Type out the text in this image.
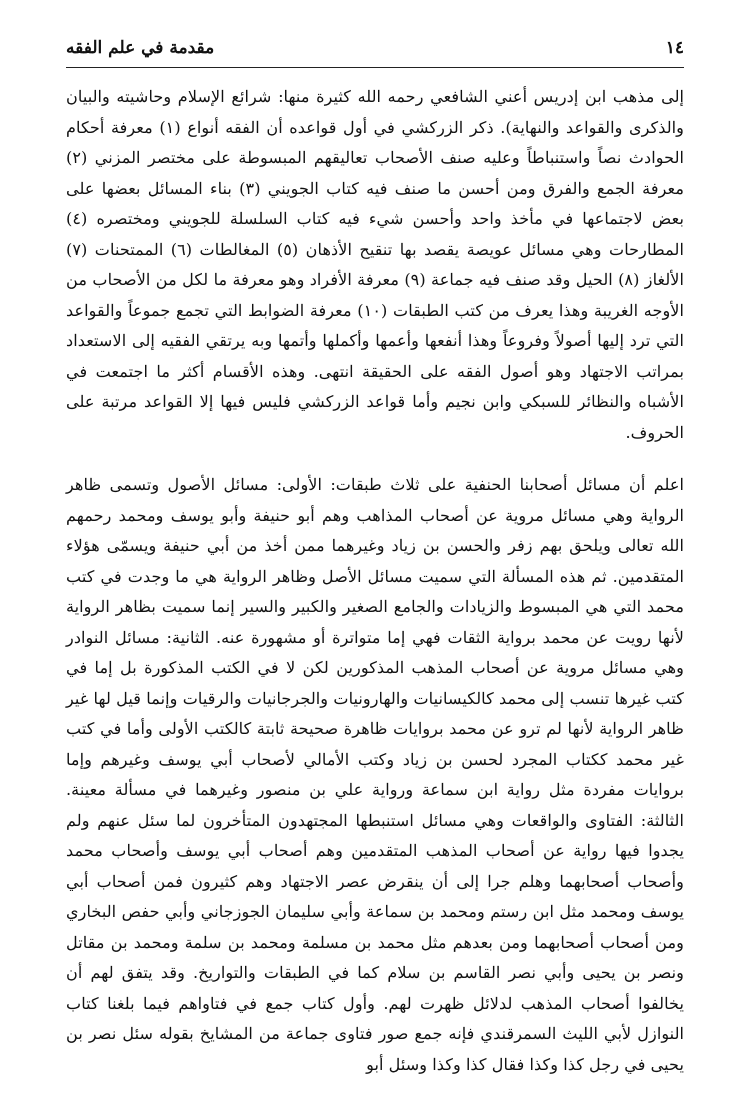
١٤
مقدمة في علم الفقه

إلى مذهب ابن إدريس أعني الشافعي رحمه الله كثيرة منها: شرائع الإسلام وحاشيته والبيان والذكرى والقواعد والنهاية). ذكر الزركشي في أول قواعده أن الفقه أنواع (١) معرفة أحكام الحوادث نصاً واستنباطاً وعليه صنف الأصحاب تعاليقهم المبسوطة على مختصر المزني (٢) معرفة الجمع والفرق ومن أحسن ما صنف فيه كتاب الجويني (٣) بناء المسائل بعضها على بعض لاجتماعها في مأخذ واحد وأحسن شيء فيه كتاب السلسلة للجويني ومختصره (٤) المطارحات وهي مسائل عويصة يقصد بها تنقيح الأذهان (٥) المغالطات (٦) الممتحنات (٧) الألغاز (٨) الحيل وقد صنف فيه جماعة (٩) معرفة الأفراد وهو معرفة ما لكل من الأصحاب من الأوجه الغريبة وهذا يعرف من كتب الطبقات (١٠) معرفة الضوابط التي تجمع جموعاً والقواعد التي ترد إليها أصولاً وفروعاً وهذا أنفعها وأعمها وأكملها وأتمها وبه يرتقي الفقيه إلى الاستعداد بمراتب الاجتهاد وهو أصول الفقه على الحقيقة انتهى. وهذه الأقسام أكثر ما اجتمعت في الأشباه والنظائر للسبكي وابن نجيم وأما قواعد الزركشي فليس فيها إلا القواعد مرتبة على الحروف.

اعلم أن مسائل أصحابنا الحنفية على ثلاث طبقات: الأولى: مسائل الأصول وتسمى ظاهر الرواية وهي مسائل مروية عن أصحاب المذاهب وهم أبو حنيفة وأبو يوسف ومحمد رحمهم الله تعالى ويلحق بهم زفر والحسن بن زياد وغيرهما ممن أخذ من أبي حنيفة ويسمّى هؤلاء المتقدمين. ثم هذه المسألة التي سميت مسائل الأصل وظاهر الرواية هي ما وجدت في كتب محمد التي هي المبسوط والزيادات والجامع الصغير والكبير والسير إنما سميت بظاهر الرواية لأنها رويت عن محمد برواية الثقات فهي إما متواترة أو مشهورة عنه. الثانية: مسائل النوادر وهي مسائل مروية عن أصحاب المذهب المذكورين لكن لا في الكتب المذكورة بل إما في كتب غيرها تنسب إلى محمد كالكيسانيات والهارونيات والجرجانيات والرقيات وإنما قيل لها غير ظاهر الرواية لأنها لم ترو عن محمد بروايات ظاهرة صحيحة ثابتة كالكتب الأولى وأما في كتب غير محمد ككتاب المجرد لحسن بن زياد وكتب الأمالي لأصحاب أبي يوسف وغيرهم وإما بروايات مفردة مثل رواية ابن سماعة ورواية علي بن منصور وغيرهما في مسألة معينة. الثالثة: الفتاوى والواقعات وهي مسائل استنبطها المجتهدون المتأخرون لما سئل عنهم ولم يجدوا فيها رواية عن أصحاب المذهب المتقدمين وهم أصحاب أبي يوسف وأصحاب محمد وأصحاب أصحابهما وهلم جرا إلى أن ينقرض عصر الاجتهاد وهم كثيرون فمن أصحاب أبي يوسف ومحمد مثل ابن رستم ومحمد بن سماعة وأبي سليمان الجوزجاني وأبي حفص البخاري ومن أصحاب أصحابهما ومن بعدهم مثل محمد بن مسلمة ومحمد بن سلمة ومحمد بن مقاتل ونصر بن يحيى وأبي نصر القاسم بن سلام كما في الطبقات والتواريخ. وقد يتفق لهم أن يخالفوا أصحاب المذهب لدلائل ظهرت لهم. وأول كتاب جمع في فتاواهم فيما بلغنا كتاب النوازل لأبي الليث السمرقندي فإنه جمع صور فتاوى جماعة من المشايخ بقوله سئل نصر بن يحيى في رجل كذا وكذا فقال كذا وكذا وسئل أبو
